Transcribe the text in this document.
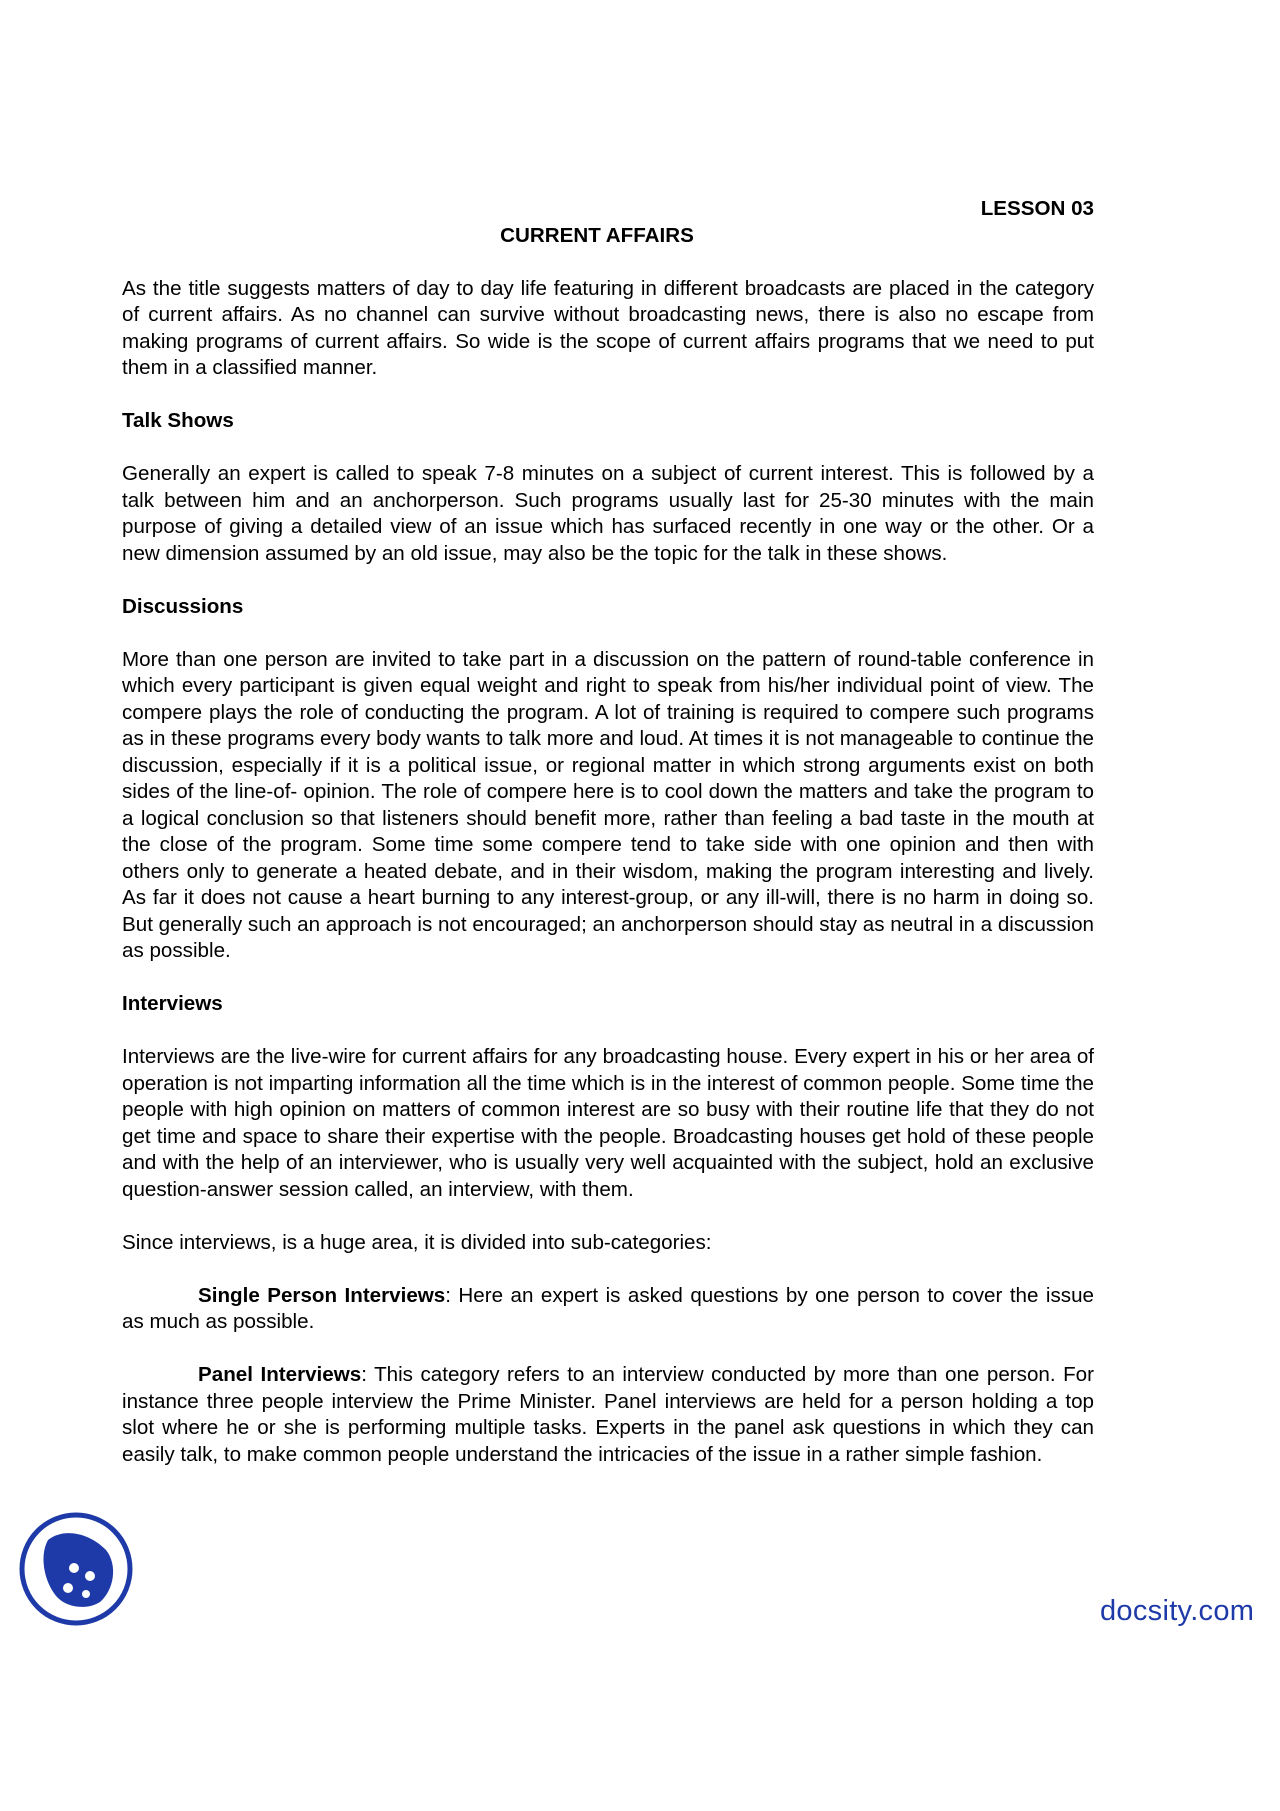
LESSON 03

CURRENT AFFAIRS

As the title suggests matters of day to day life featuring in different broadcasts are placed in the category of current affairs. As no channel can survive without broadcasting news, there is also no escape from making programs of current affairs. So wide is the scope of current affairs programs that we need to put them in a classified manner.

Talk Shows

Generally an expert is called to speak 7-8 minutes on a subject of current interest. This is followed by a talk between him and an anchorperson. Such programs usually last for 25-30 minutes with the main purpose of giving a detailed view of an issue which has surfaced recently in one way or the other. Or a new dimension assumed by an old issue, may also be the topic for the talk in these shows.

Discussions

More than one person are invited to take part in a discussion on the pattern of round-table conference in which every participant is given equal weight and right to speak from his/her individual point of view. The compere plays the role of conducting the program. A lot of training is required to compere such programs as in these programs every body wants to talk more and loud. At times it is not manageable to continue the discussion, especially if it is a political issue, or regional matter in which strong arguments exist on both sides of the line-of- opinion. The role of compere here is to cool down the matters and take the program to a logical conclusion so that listeners should benefit more, rather than feeling a bad taste in the mouth at the close of the program. Some time some compere tend to take side with one opinion and then with others only to generate a heated debate, and in their wisdom, making the program interesting and lively. As far it does not cause a heart burning to any interest-group, or any ill-will, there is no harm in doing so. But generally such an approach is not encouraged; an anchorperson should stay as neutral in a discussion as possible.

Interviews

Interviews are the live-wire for current affairs for any broadcasting house. Every expert in his or her area of operation is not imparting information all the time which is in the interest of common people. Some time the people with high opinion on matters of common interest are so busy with their routine life that they do not get time and space to share their expertise with the people. Broadcasting houses get hold of these people and with the help of an interviewer, who is usually very well acquainted with the subject, hold an exclusive question-answer session called, an interview, with them.

Since interviews, is a huge area, it is divided into sub-categories:

Single Person Interviews: Here an expert is asked questions by one person to cover the issue as much as possible.

Panel Interviews: This category refers to an interview conducted by more than one person. For instance three people interview the Prime Minister. Panel interviews are held for a person holding a top slot where he or she is performing multiple tasks. Experts in the panel ask questions in which they can easily talk, to make common people understand the intricacies of the issue in a rather simple fashion.

docsity.com
